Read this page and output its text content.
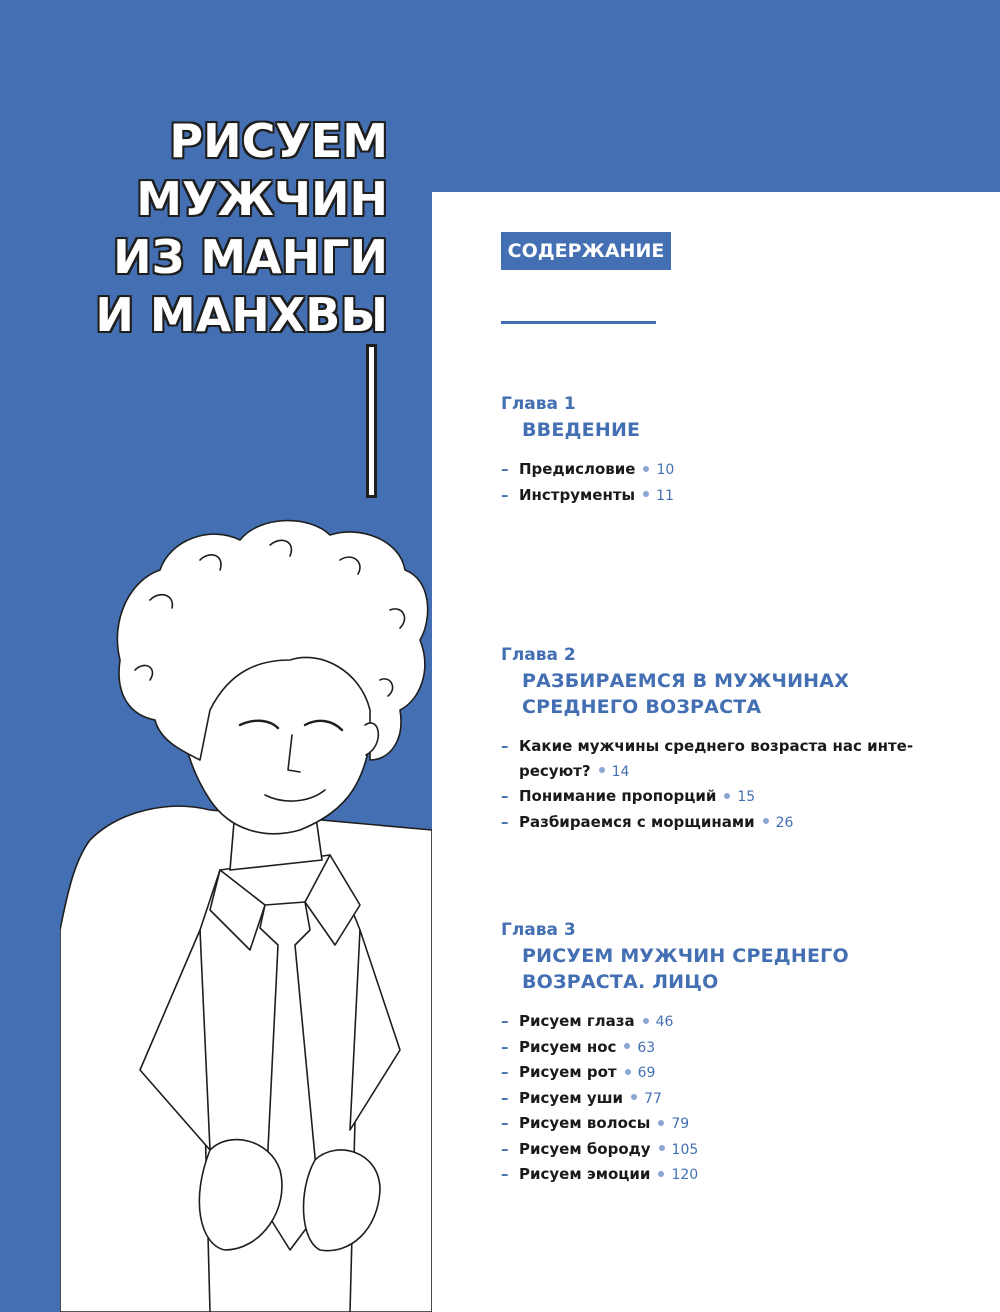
РИСУЕМ
МУЖЧИН
ИЗ МАНГИ
И МАНХВЫ
СОДЕРЖАНИЕ
Глава 1
ВВЕДЕНИЕ
– Предисловие 10
– Инструменты 11
Глава 2
РАЗБИРАЕМСЯ В МУЖЧИНАХ
СРЕДНЕГО ВОЗРАСТА
– Какие мужчины среднего возраста нас инте-
ресуют? 14
– Понимание пропорций 15
– Разбираемся с морщинами 26
Глава 3
РИСУЕМ МУЖЧИН СРЕДНЕГО
ВОЗРАСТА. ЛИЦО
– Рисуем глаза 46
– Рисуем нос 63
– Рисуем рот 69
– Рисуем уши 77
– Рисуем волосы 79
– Рисуем бороду 105
– Рисуем эмоции 120
